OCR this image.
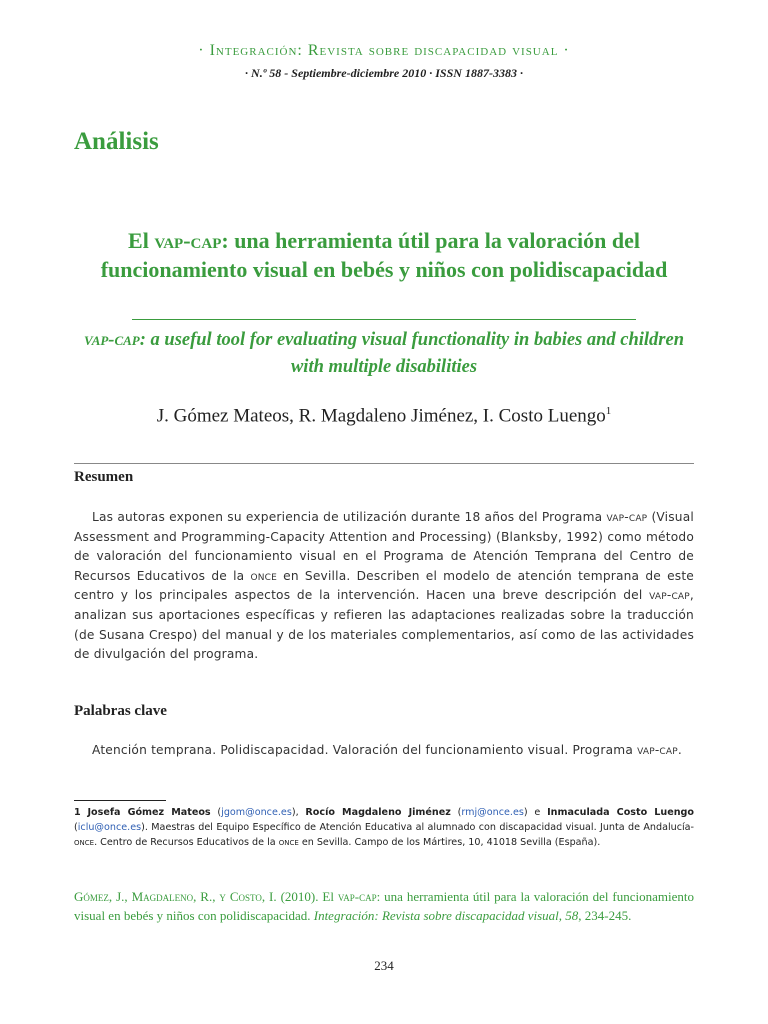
· Integración: Revista sobre discapacidad visual ·
· N.º 58 - Septiembre-diciembre 2010 · ISSN 1887-3383 ·
Análisis
El vap-cap: una herramienta útil para la valoración del funcionamiento visual en bebés y niños con polidiscapacidad
vap-cap: a useful tool for evaluating visual functionality in babies and children with multiple disabilities
J. Gómez Mateos, R. Magdaleno Jiménez, I. Costo Luengo$^1$
Resumen
Las autoras exponen su experiencia de utilización durante 18 años del Programa vap-cap (Visual Assessment and Programming-Capacity Attention and Processing) (Blanksby, 1992) como método de valoración del funcionamiento visual en el Programa de Atención Temprana del Centro de Recursos Educativos de la once en Sevilla. Describen el modelo de atención temprana de este centro y los principales aspectos de la intervención. Hacen una breve descripción del vap-cap, analizan sus aportaciones específicas y refieren las adaptaciones realizadas sobre la traducción (de Susana Crespo) del manual y de los materiales complementarios, así como de las actividades de divulgación del programa.
Palabras clave
Atención temprana. Polidiscapacidad. Valoración del funcionamiento visual. Programa vap-cap.
1 Josefa Gómez Mateos (jgom@once.es), Rocío Magdaleno Jiménez (rmj@once.es) e Inmaculada Costo Luengo (iclu@once.es). Maestras del Equipo Específico de Atención Educativa al alumnado con discapacidad visual. Junta de Andalucía-once. Centro de Recursos Educativos de la once en Sevilla. Campo de los Mártires, 10, 41018 Sevilla (España).
Gómez, J., Magdaleno, R., y Costo, I. (2010). El vap-cap: una herramienta útil para la valoración del funcionamiento visual en bebés y niños con polidiscapacidad. Integración: Revista sobre discapacidad visual, 58, 234-245.
234
